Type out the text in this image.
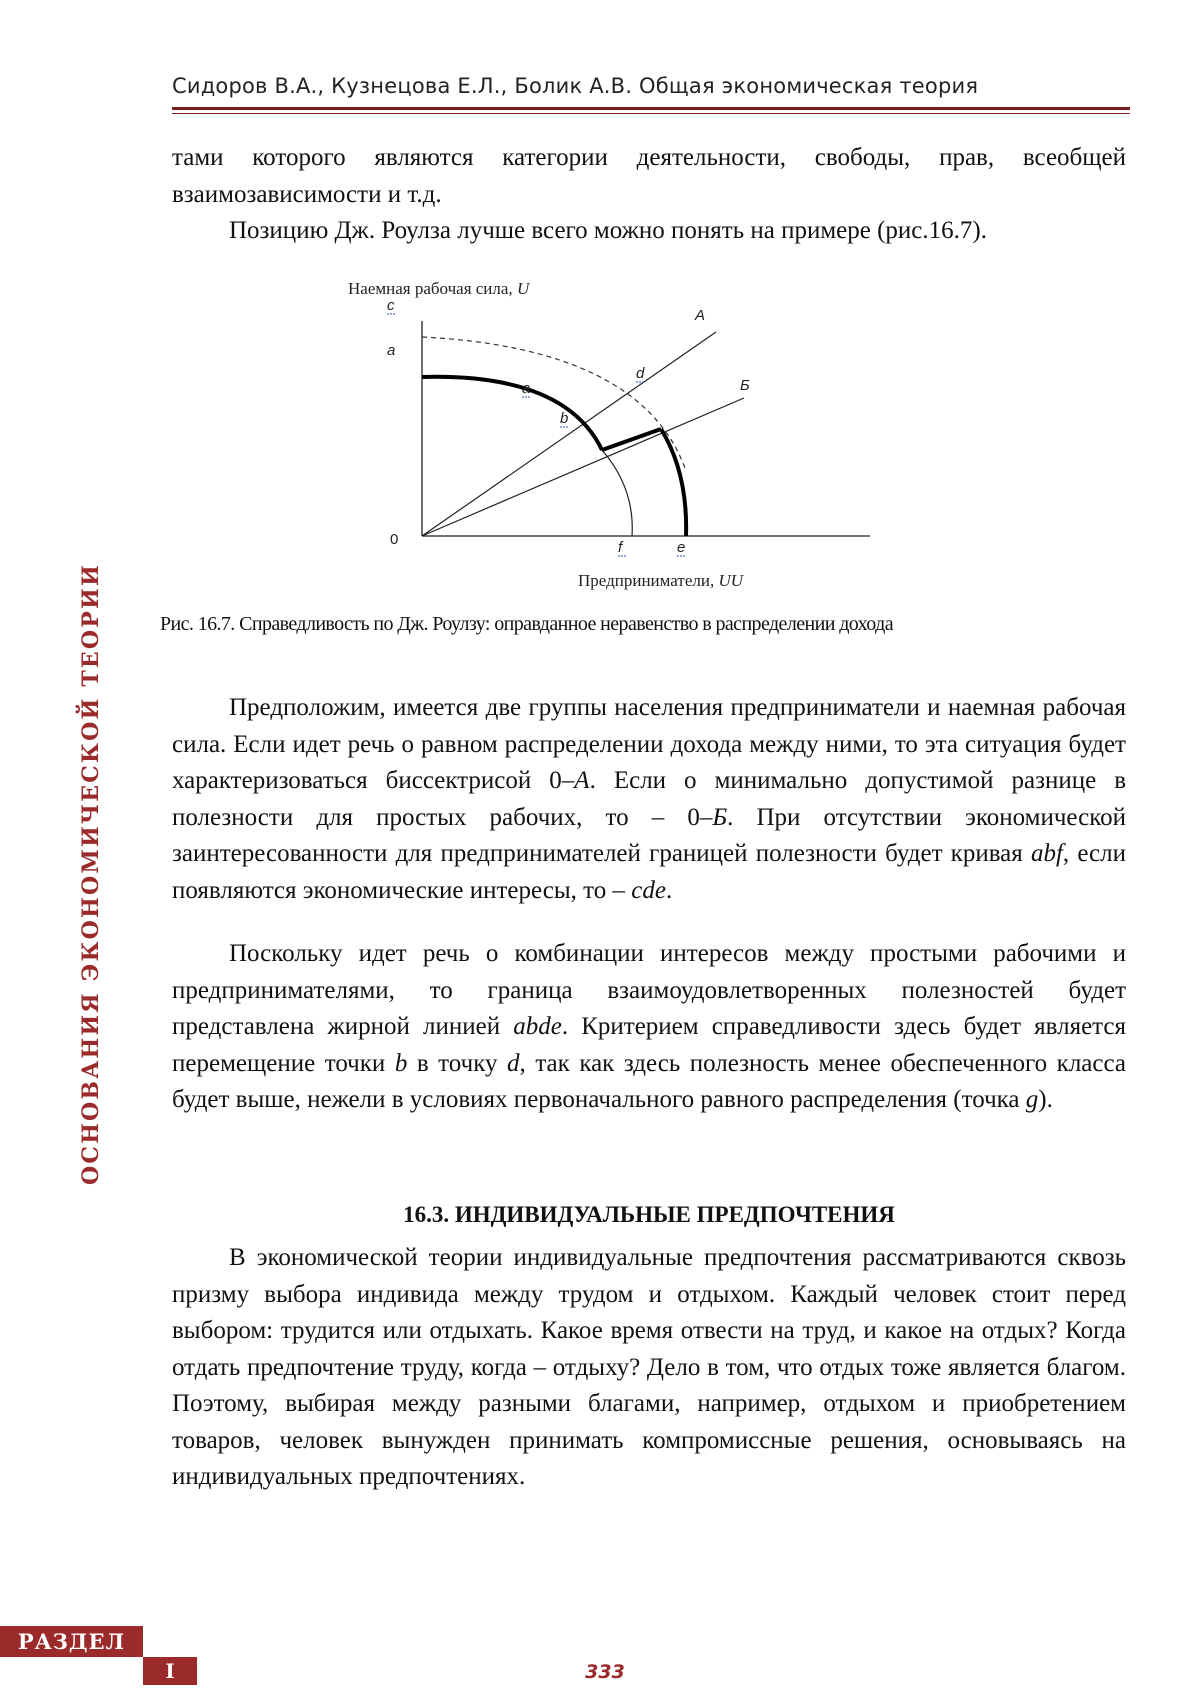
Сидоров В.А., Кузнецова Е.Л., Болик А.В. Общая экономическая теория
ОСНОВАНИЯ ЭКОНОМИЧЕСКОЙ ТЕОРИИ

тами которого являются категории деятельности, свободы, прав, всеобщей взаимозависимости и т.д.

Позицию Дж. Роулза лучше всего можно понять на примере (рис.16.7).

Наемная рабочая сила, U
Предприниматели, UU
0
c
a
a
b
d
f	e
A
Б
Рис. 16.7. Справедливость по Дж. Роулзу: оправданное неравенство в распределении дохода

Предположим, имеется две группы населения предприниматели и наемная рабочая сила. Если идет речь о равном распределении дохода между ними, то эта ситуация будет характеризоваться биссектрисой 0–А. Если о минимально допустимой разнице в полезности для простых рабочих, то – 0–Б. При отсутствии экономической заинтересованности для предпринимателей границей полезности будет кривая abf, если появляются экономические интересы, то – cde.

Поскольку идет речь о комбинации интересов между простыми рабочими и предпринимателями, то граница взаимоудовлетворенных полезностей будет представлена жирной линией abde. Критерием справедливости здесь будет является перемещение точки b в точку d, так как здесь полезность менее обеспеченного класса будет выше, нежели в условиях первоначального равного распределения (точка g).

16.3. ИНДИВИДУАЛЬНЫЕ ПРЕДПОЧТЕНИЯ

В экономической теории индивидуальные предпочтения рассматриваются сквозь призму выбора индивида между трудом и отдыхом. Каждый человек стоит перед выбором: трудится или отдыхать. Какое время отвести на труд, и какое на отдых? Когда отдать предпочтение труду, когда – отдыху? Дело в том, что отдых тоже является благом. Поэтому, выбирая между разными благами, например, отдыхом и приобретением товаров, человек вынужден принимать компромиссные решения, основываясь на индивидуальных предпочтениях.

РАЗДЕЛ
I	333
